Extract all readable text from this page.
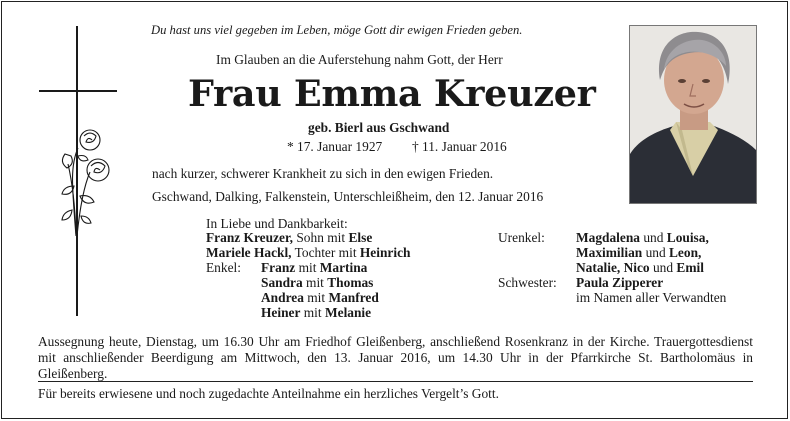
Du hast uns viel gegeben im Leben, möge Gott dir ewigen Frieden geben.
Im Glauben an die Auferstehung nahm Gott, der Herr
Frau Emma Kreuzer
geb. Bierl aus Gschwand
* 17. Januar 1927 † 11. Januar 2016
nach kurzer, schwerer Krankheit zu sich in den ewigen Frieden.
Gschwand, Dalking, Falkenstein, Unterschleißheim, den 12. Januar 2016
In Liebe und Dankbarkeit:
Franz Kreuzer, Sohn mit Else
Mariele Hackl, Tochter mit Heinrich
Enkel: Franz mit Martina
Sandra mit Thomas
Andrea mit Manfred
Heiner mit Melanie
Urenkel: Magdalena und Louisa,
Maximilian und Leon,
Natalie, Nico und Emil
Schwester: Paula Zipperer
im Namen aller Verwandten
Aussegnung heute, Dienstag, um 16.30 Uhr am Friedhof Gleißenberg, anschließend Rosenkranz in der Kirche. Trauergottesdienst mit anschließender Beerdigung am Mittwoch, den 13. Januar 2016, um 14.30 Uhr in der Pfarrkirche St. Bartholomäus in Gleißenberg.
Für bereits erwiesene und noch zugedachte Anteilnahme ein herzliches Vergelt’s Gott.
